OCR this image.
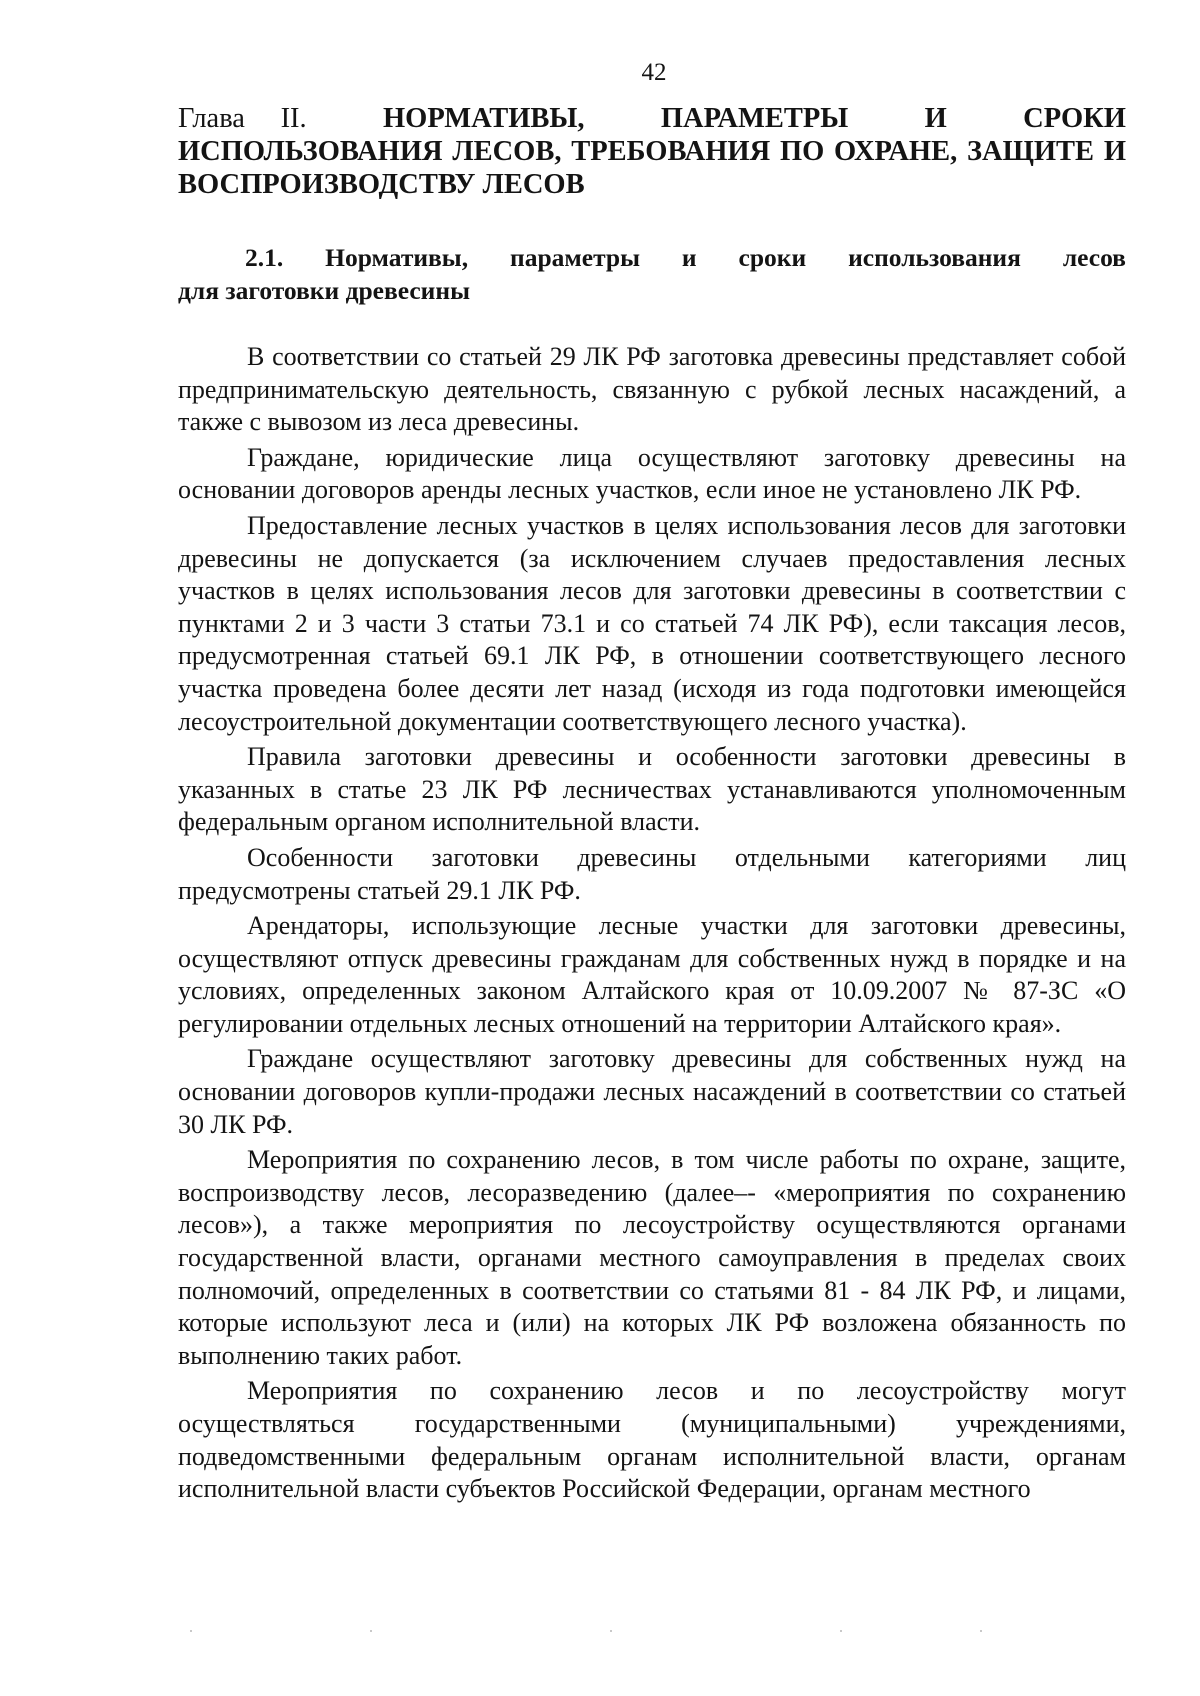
42
Глава II.	НОРМАТИВЫ,	ПАРАМЕТРЫ	И	СРОКИ
ИСПОЛЬЗОВАНИЯ ЛЕСОВ, ТРЕБОВАНИЯ ПО ОХРАНЕ, ЗАЩИТЕ И ВОСПРОИЗВОДСТВУ ЛЕСОВ
2.1. Нормативы, параметры и сроки использования лесов
для заготовки древесины

В соответствии со статьей 29 ЛК РФ заготовка древесины представляет собой предпринимательскую деятельность, связанную с рубкой лесных насаждений, а также с вывозом из леса древесины.

Граждане, юридические лица осуществляют заготовку древесины на основании договоров аренды лесных участков, если иное не установлено ЛК РФ.

Предоставление лесных участков в целях использования лесов для заготовки древесины не допускается (за исключением случаев предоставления лесных участков в целях использования лесов для заготовки древесины в соответствии с пунктами 2 и 3 части 3 статьи 73.1 и со статьей 74 ЛК РФ), если таксация лесов, предусмотренная статьей 69.1 ЛК РФ, в отношении соответствующего лесного участка проведена более десяти лет назад (исходя из года подготовки имеющейся лесоустроительной документации соответствующего лесного участка).

Правила заготовки древесины и особенности заготовки древесины в указанных в статье 23 ЛК РФ лесничествах устанавливаются уполномоченным федеральным органом исполнительной власти.

Особенности заготовки древесины отдельными категориями лиц предусмотрены статьей 29.1 ЛК РФ.

Арендаторы, использующие лесные участки для заготовки древесины, осуществляют отпуск древесины гражданам для собственных нужд в порядке и на условиях, определенных законом Алтайского края от 10.09.2007 № 87-ЗС «О регулировании отдельных лесных отношений на территории Алтайского края».

Граждане осуществляют заготовку древесины для собственных нужд на основании договоров купли-продажи лесных насаждений в соответствии со статьей 30 ЛК РФ.

Мероприятия по сохранению лесов, в том числе работы по охране, защите, воспроизводству лесов, лесоразведению (далее–- «мероприятия по сохранению лесов»), а также мероприятия по лесоустройству осуществляются органами государственной власти, органами местного самоуправления в пределах своих полномочий, определенных в соответствии со статьями 81 - 84 ЛК РФ, и лицами, которые используют леса и (или) на которых ЛК РФ возложена обязанность по выполнению таких работ.

Мероприятия по сохранению лесов и по лесоустройству могут осуществляться государственными (муниципальными) учреждениями, подведомственными федеральным органам исполнительной власти, органам исполнительной власти субъектов Российской Федерации, органам местного
